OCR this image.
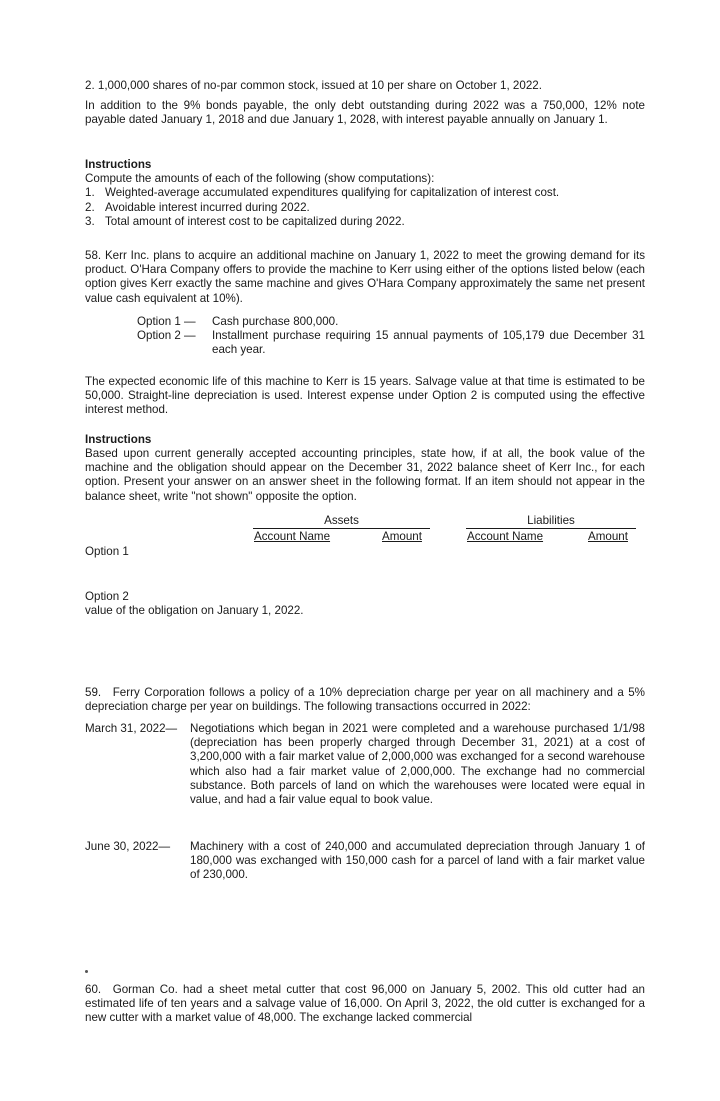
2. 1,000,000 shares of no-par common stock, issued at 10 per share on October 1, 2022.

In addition to the 9% bonds payable, the only debt outstanding during 2022 was a 750,000, 12% note payable dated January 1, 2018 and due January 1, 2028, with interest payable annually on January 1.

Instructions
Compute the amounts of each of the following (show computations):
1. Weighted-average accumulated expenditures qualifying for capitalization of interest cost.
2. Avoidable interest incurred during 2022.
3. Total amount of interest cost to be capitalized during 2022.

58. Kerr Inc. plans to acquire an additional machine on January 1, 2022 to meet the growing demand for its product. O'Hara Company offers to provide the machine to Kerr using either of the options listed below (each option gives Kerr exactly the same machine and gives O'Hara Company approximately the same net present value cash equivalent at 10%).

Option 1 —	Cash purchase 800,000.
Option 2 —	Installment purchase requiring 15 annual payments of 105,179 due December 31 each year.

The expected economic life of this machine to Kerr is 15 years. Salvage value at that time is estimated to be 50,000. Straight-line depreciation is used. Interest expense under Option 2 is computed using the effective interest method.

Instructions

Based upon current generally accepted accounting principles, state how, if at all, the book value of the machine and the obligation should appear on the December 31, 2022 balance sheet of Kerr Inc., for each option. Present your answer on an answer sheet in the following format. If an item should not appear in the balance sheet, write "not shown" opposite the option.

Assets	Liabilities
Account Name	Amount	Account Name	Amount
Option 1
Option 2
value of the obligation on January 1, 2022.

59. Ferry Corporation follows a policy of a 10% depreciation charge per year on all machinery and a 5% depreciation charge per year on buildings. The following transactions occurred in 2022:

March 31, 2022—	Negotiations which began in 2021 were completed and a warehouse purchased 1/1/98 (depreciation has been properly charged through December 31, 2021) at a cost of 3,200,000 with a fair market value of 2,000,000 was exchanged for a second warehouse which also had a fair market value of 2,000,000. The exchange had no commercial substance. Both parcels of land on which the warehouses were located were equal in value, and had a fair value equal to book value.
June 30, 2022—	Machinery with a cost of 240,000 and accumulated depreciation through January 1 of 180,000 was exchanged with 150,000 cash for a parcel of land with a fair market value of 230,000.

60. Gorman Co. had a sheet metal cutter that cost 96,000 on January 5, 2002. This old cutter had an estimated life of ten years and a salvage value of 16,000. On April 3, 2022, the old cutter is exchanged for a new cutter with a market value of 48,000. The exchange lacked commercial
